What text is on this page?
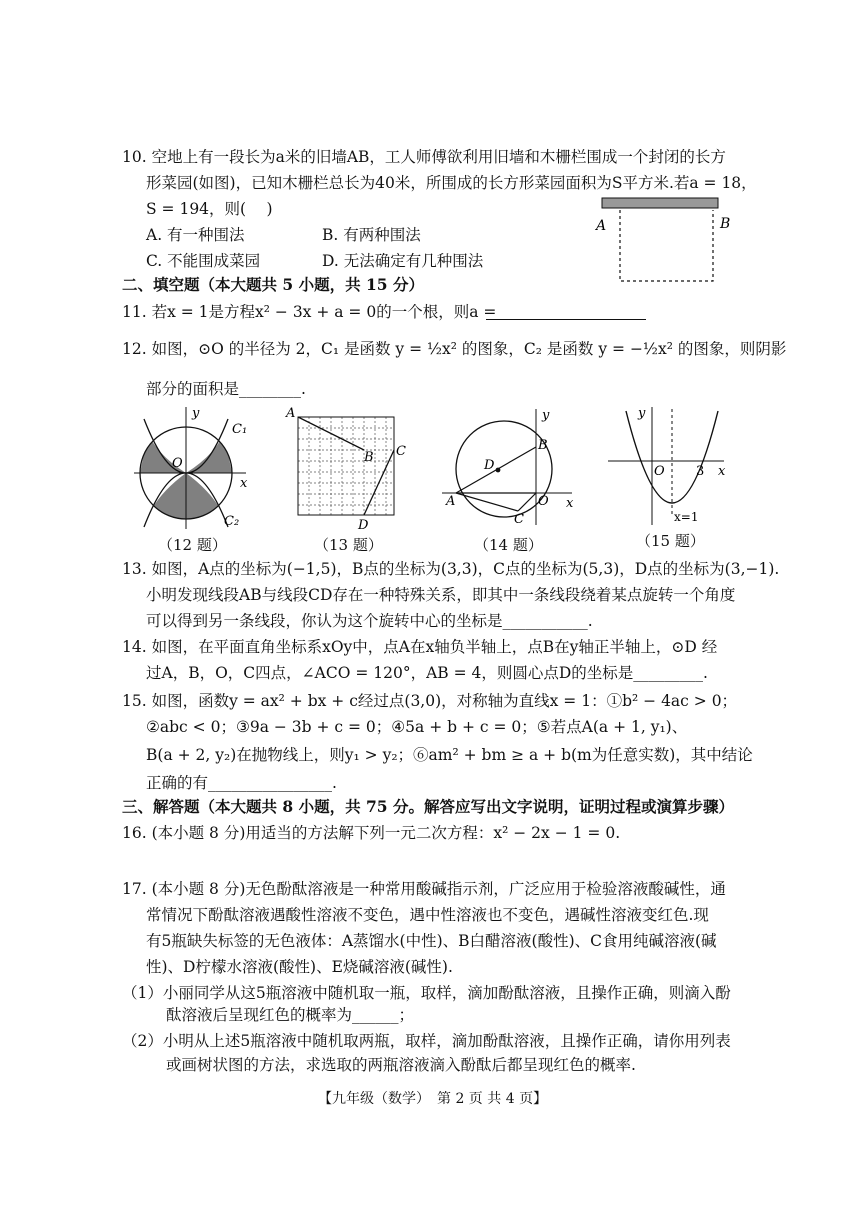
10. 空地上有一段长为a米的旧墙AB，工人师傅欲利用旧墙和木栅栏围成一个封闭的长方
形菜园(如图)，已知木栅栏总长为40米，所围成的长方形菜园面积为S平方米.若a = 18，
S = 194，则(　 )
A. 有一种围法	B. 有两种围法
C. 不能围成菜园	D. 无法确定有几种围法
A	B
二、填空题（本大题共 5 小题，共 15 分）
11. 若x = 1是方程x² − 3x + a = 0的一个根，则a =
12. 如图，⊙O 的半径为 2，C₁ 是函数 y = ½x² 的图象，C₂ 是函数 y = −½x² 的图象，则阴影
部分的面积是________.
y
x
O
C₁
C₂
（12 题）
A
B C
D
（13 题）
y
x
O
A
B
C
D
（14 题）
y
x
O 3
x=1
（15 题）
13. 如图，A点的坐标为(−1,5)，B点的坐标为(3,3)，C点的坐标为(5,3)，D点的坐标为(3,−1).
小明发现线段AB与线段CD存在一种特殊关系，即其中一条线段绕着某点旋转一个角度
可以得到另一条线段，你认为这个旋转中心的坐标是___________.
14. 如图，在平面直角坐标系xOy中，点A在x轴负半轴上，点B在y轴正半轴上，⊙D 经
过A，B，O，C四点，∠ACO = 120°，AB = 4，则圆心点D的坐标是_________.
15. 如图，函数y = ax² + bx + c经过点(3,0)，对称轴为直线x = 1：①b² − 4ac > 0；
②abc < 0；③9a − 3b + c = 0；④5a + b + c = 0；⑤若点A(a + 1, y₁)、
B(a + 2, y₂)在抛物线上，则y₁ > y₂；⑥am² + bm ≥ a + b(m为任意实数)，其中结论
正确的有________________.
三、解答题（本大题共 8 小题，共 75 分。解答应写出文字说明，证明过程或演算步骤）
16. (本小题 8 分)用适当的方法解下列一元二次方程：x² − 2x − 1 = 0.
17. (本小题 8 分)无色酚酞溶液是一种常用酸碱指示剂，广泛应用于检验溶液酸碱性，通
常情况下酚酞溶液遇酸性溶液不变色，遇中性溶液也不变色，遇碱性溶液变红色.现
有5瓶缺失标签的无色液体：A蒸馏水(中性)、B白醋溶液(酸性)、C食用纯碱溶液(碱
性)、D柠檬水溶液(酸性)、E烧碱溶液(碱性).
（1）小丽同学从这5瓶溶液中随机取一瓶，取样，滴加酚酞溶液，且操作正确，则滴入酚
酞溶液后呈现红色的概率为______；
（2）小明从上述5瓶溶液中随机取两瓶，取样，滴加酚酞溶液，且操作正确，请你用列表
或画树状图的方法，求选取的两瓶溶液滴入酚酞后都呈现红色的概率.
【九年级（数学）　第 2 页 共 4 页】
